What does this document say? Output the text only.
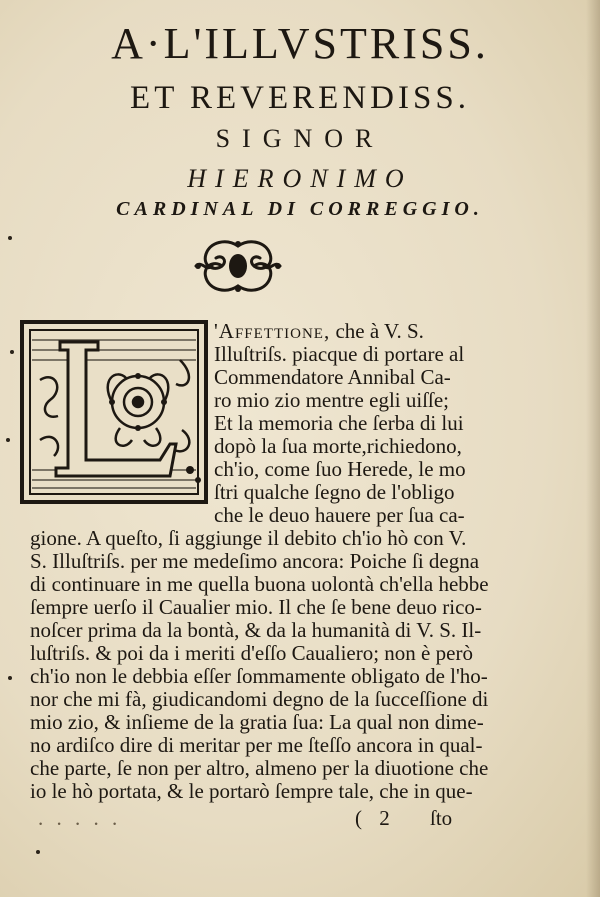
A·L'ILLVSTRISS.
ET REVERENDISS.
SIGNOR
HIERONIMO
CARDINAL DI CORREGGIO.
'Affettione, che à V. S.
Illuſtriſs. piacque di portare al
Commendatore Annibal Ca-
ro mio zio mentre egli uiſſe;
Et la memoria che ſerba di lui
dopò la ſua morte,richiedono,
ch'io, come ſuo Herede, le mo
ſtri qualche ſegno de l'obligo
che le deuo hauere per ſua ca-
gione. A queſto, ſi aggiunge il debito ch'io hò con V.
S. Illuſtriſs. per me medeſimo ancora: Poiche ſi degna
di continuare in me quella buona uolontà ch'ella hebbe
ſempre uerſo il Caualier mio. Il che ſe bene deuo rico-
noſcer prima da la bontà, & da la humanità di V. S. Il-
luſtriſs. & poi da i meriti d'eſſo Caualiero; non è però
ch'io non le debbia eſſer ſommamente obligato de l'ho-
nor che mi fà, giudicandomi degno de la ſucceſſione di
mio zio, & inſieme de la gratia ſua: La qual non dime-
no ardiſco dire di meritar per me ſteſſo ancora in qual-
che parte, ſe non per altro, almeno per la diuotione che
io le hò portata, & le portarò ſempre tale, che in que-
. . . . .	( 2 ſto
